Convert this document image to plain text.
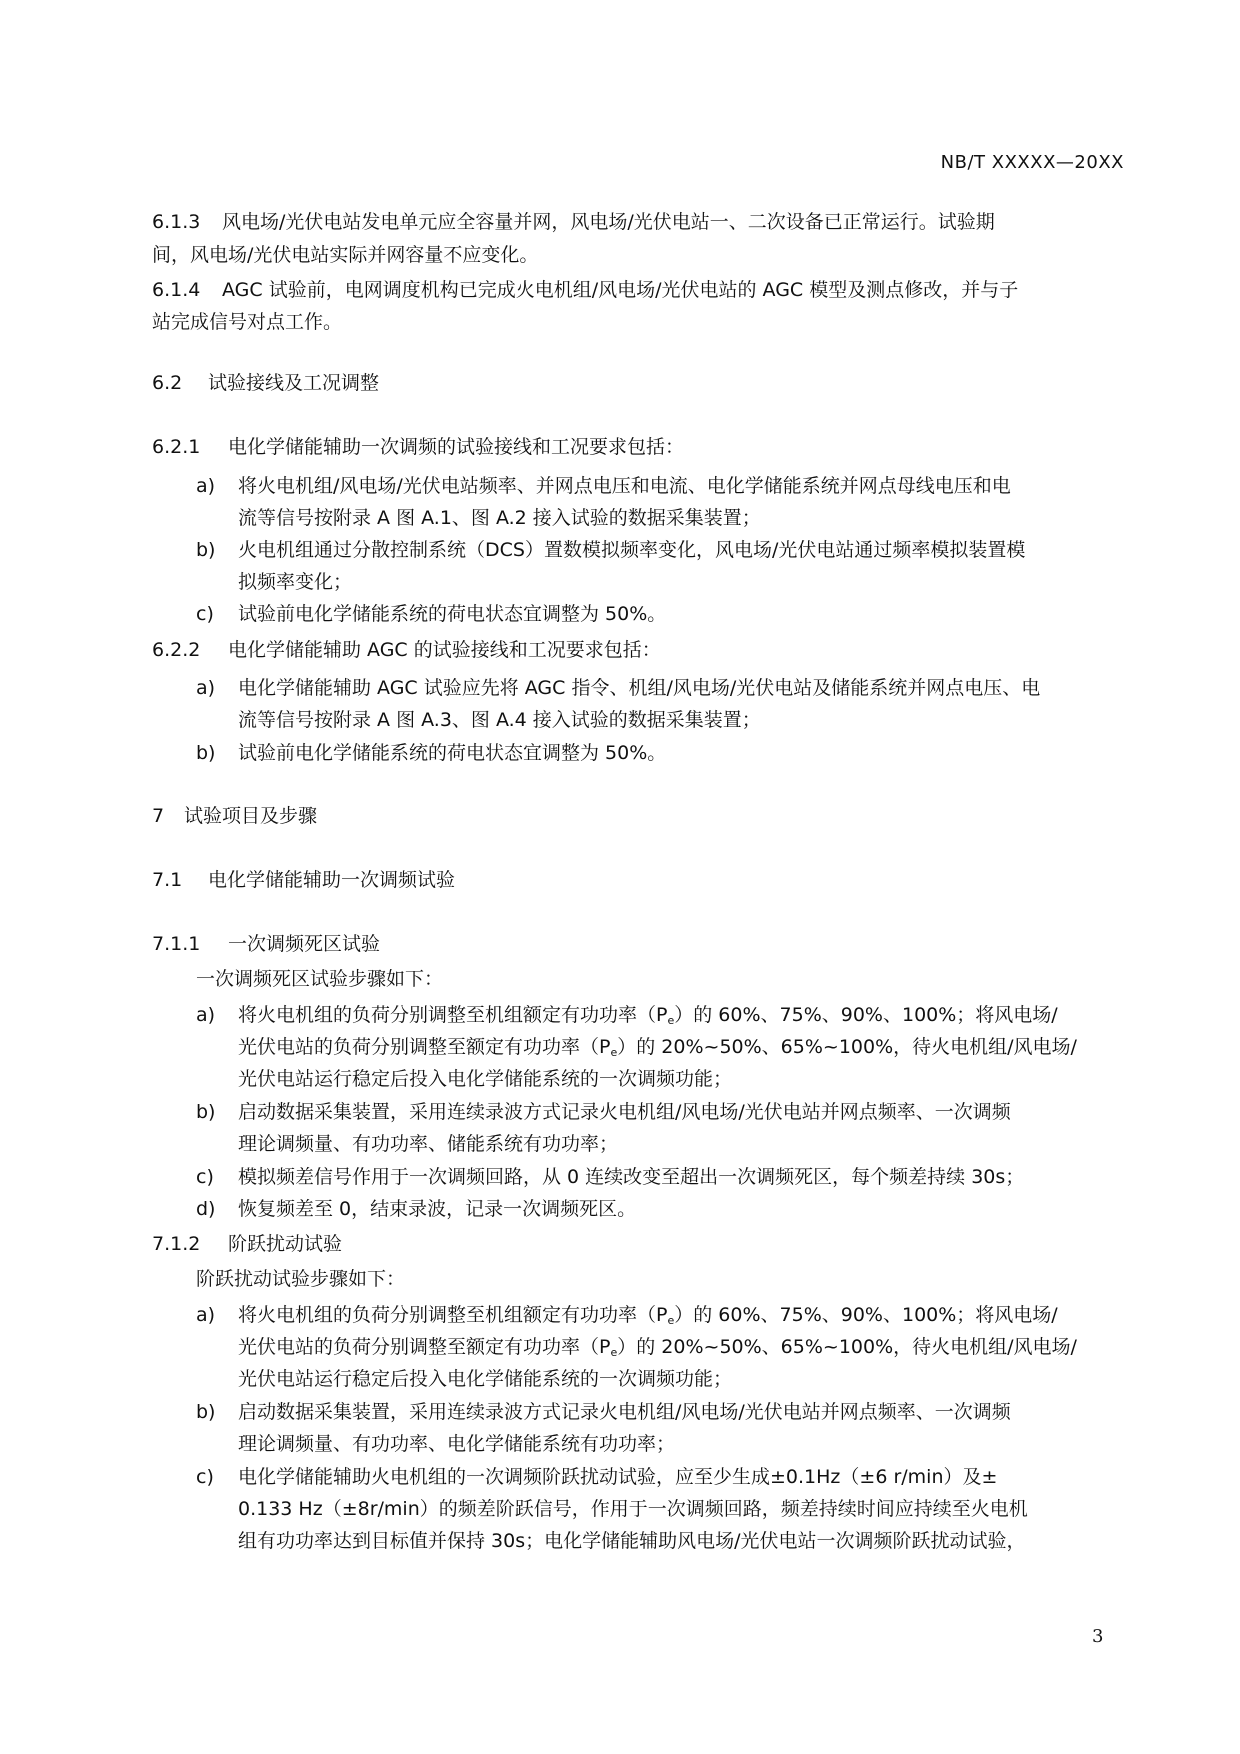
NB/T XXXXX—20XX
6.1.3 风电场/光伏电站发电单元应全容量并网，风电场/光伏电站一、二次设备已正常运行。试验期
间，风电场/光伏电站实际并网容量不应变化。
6.1.4 AGC 试验前，电网调度机构已完成火电机组/风电场/光伏电站的 AGC 模型及测点修改，并与子
站完成信号对点工作。
6.2 试验接线及工况调整
6.2.1 电化学储能辅助一次调频的试验接线和工况要求包括：
a) 将火电机组/风电场/光伏电站频率、并网点电压和电流、电化学储能系统并网点母线电压和电
流等信号按附录 A 图 A.1、图 A.2 接入试验的数据采集装置；
b) 火电机组通过分散控制系统（DCS）置数模拟频率变化，风电场/光伏电站通过频率模拟装置模
拟频率变化；
c) 试验前电化学储能系统的荷电状态宜调整为 50%。
6.2.2 电化学储能辅助 AGC 的试验接线和工况要求包括：
a) 电化学储能辅助 AGC 试验应先将 AGC 指令、机组/风电场/光伏电站及储能系统并网点电压、电
流等信号按附录 A 图 A.3、图 A.4 接入试验的数据采集装置；
b) 试验前电化学储能系统的荷电状态宜调整为 50%。
7 试验项目及步骤
7.1 电化学储能辅助一次调频试验
7.1.1 一次调频死区试验
一次调频死区试验步骤如下：
a) 将火电机组的负荷分别调整至机组额定有功功率$(P_e)$的 60%、75%、90%、100%；将风电场/
光伏电站的负荷分别调整至额定有功功率$(P_e)$的 20%~50%、65%~100%，待火电机组/风电场/
光伏电站运行稳定后投入电化学储能系统的一次调频功能；
b) 启动数据采集装置，采用连续录波方式记录火电机组/风电场/光伏电站并网点频率、一次调频
理论调频量、有功功率、储能系统有功功率；
c) 模拟频差信号作用于一次调频回路，从 0 连续改变至超出一次调频死区，每个频差持续 30s；
d) 恢复频差至 0，结束录波，记录一次调频死区。
7.1.2 阶跃扰动试验
阶跃扰动试验步骤如下：
a) 将火电机组的负荷分别调整至机组额定有功功率$(P_e)$的 60%、75%、90%、100%；将风电场/
光伏电站的负荷分别调整至额定有功功率$(P_e)$的 20%~50%、65%~100%，待火电机组/风电场/
光伏电站运行稳定后投入电化学储能系统的一次调频功能；
b) 启动数据采集装置，采用连续录波方式记录火电机组/风电场/光伏电站并网点频率、一次调频
理论调频量、有功功率、电化学储能系统有功功率；
c) 电化学储能辅助火电机组的一次调频阶跃扰动试验，应至少生成±0.1Hz（±6 r/min）及±
0.133 Hz（±8r/min）的频差阶跃信号，作用于一次调频回路，频差持续时间应持续至火电机
组有功功率达到目标值并保持 30s；电化学储能辅助风电场/光伏电站一次调频阶跃扰动试验，
3
